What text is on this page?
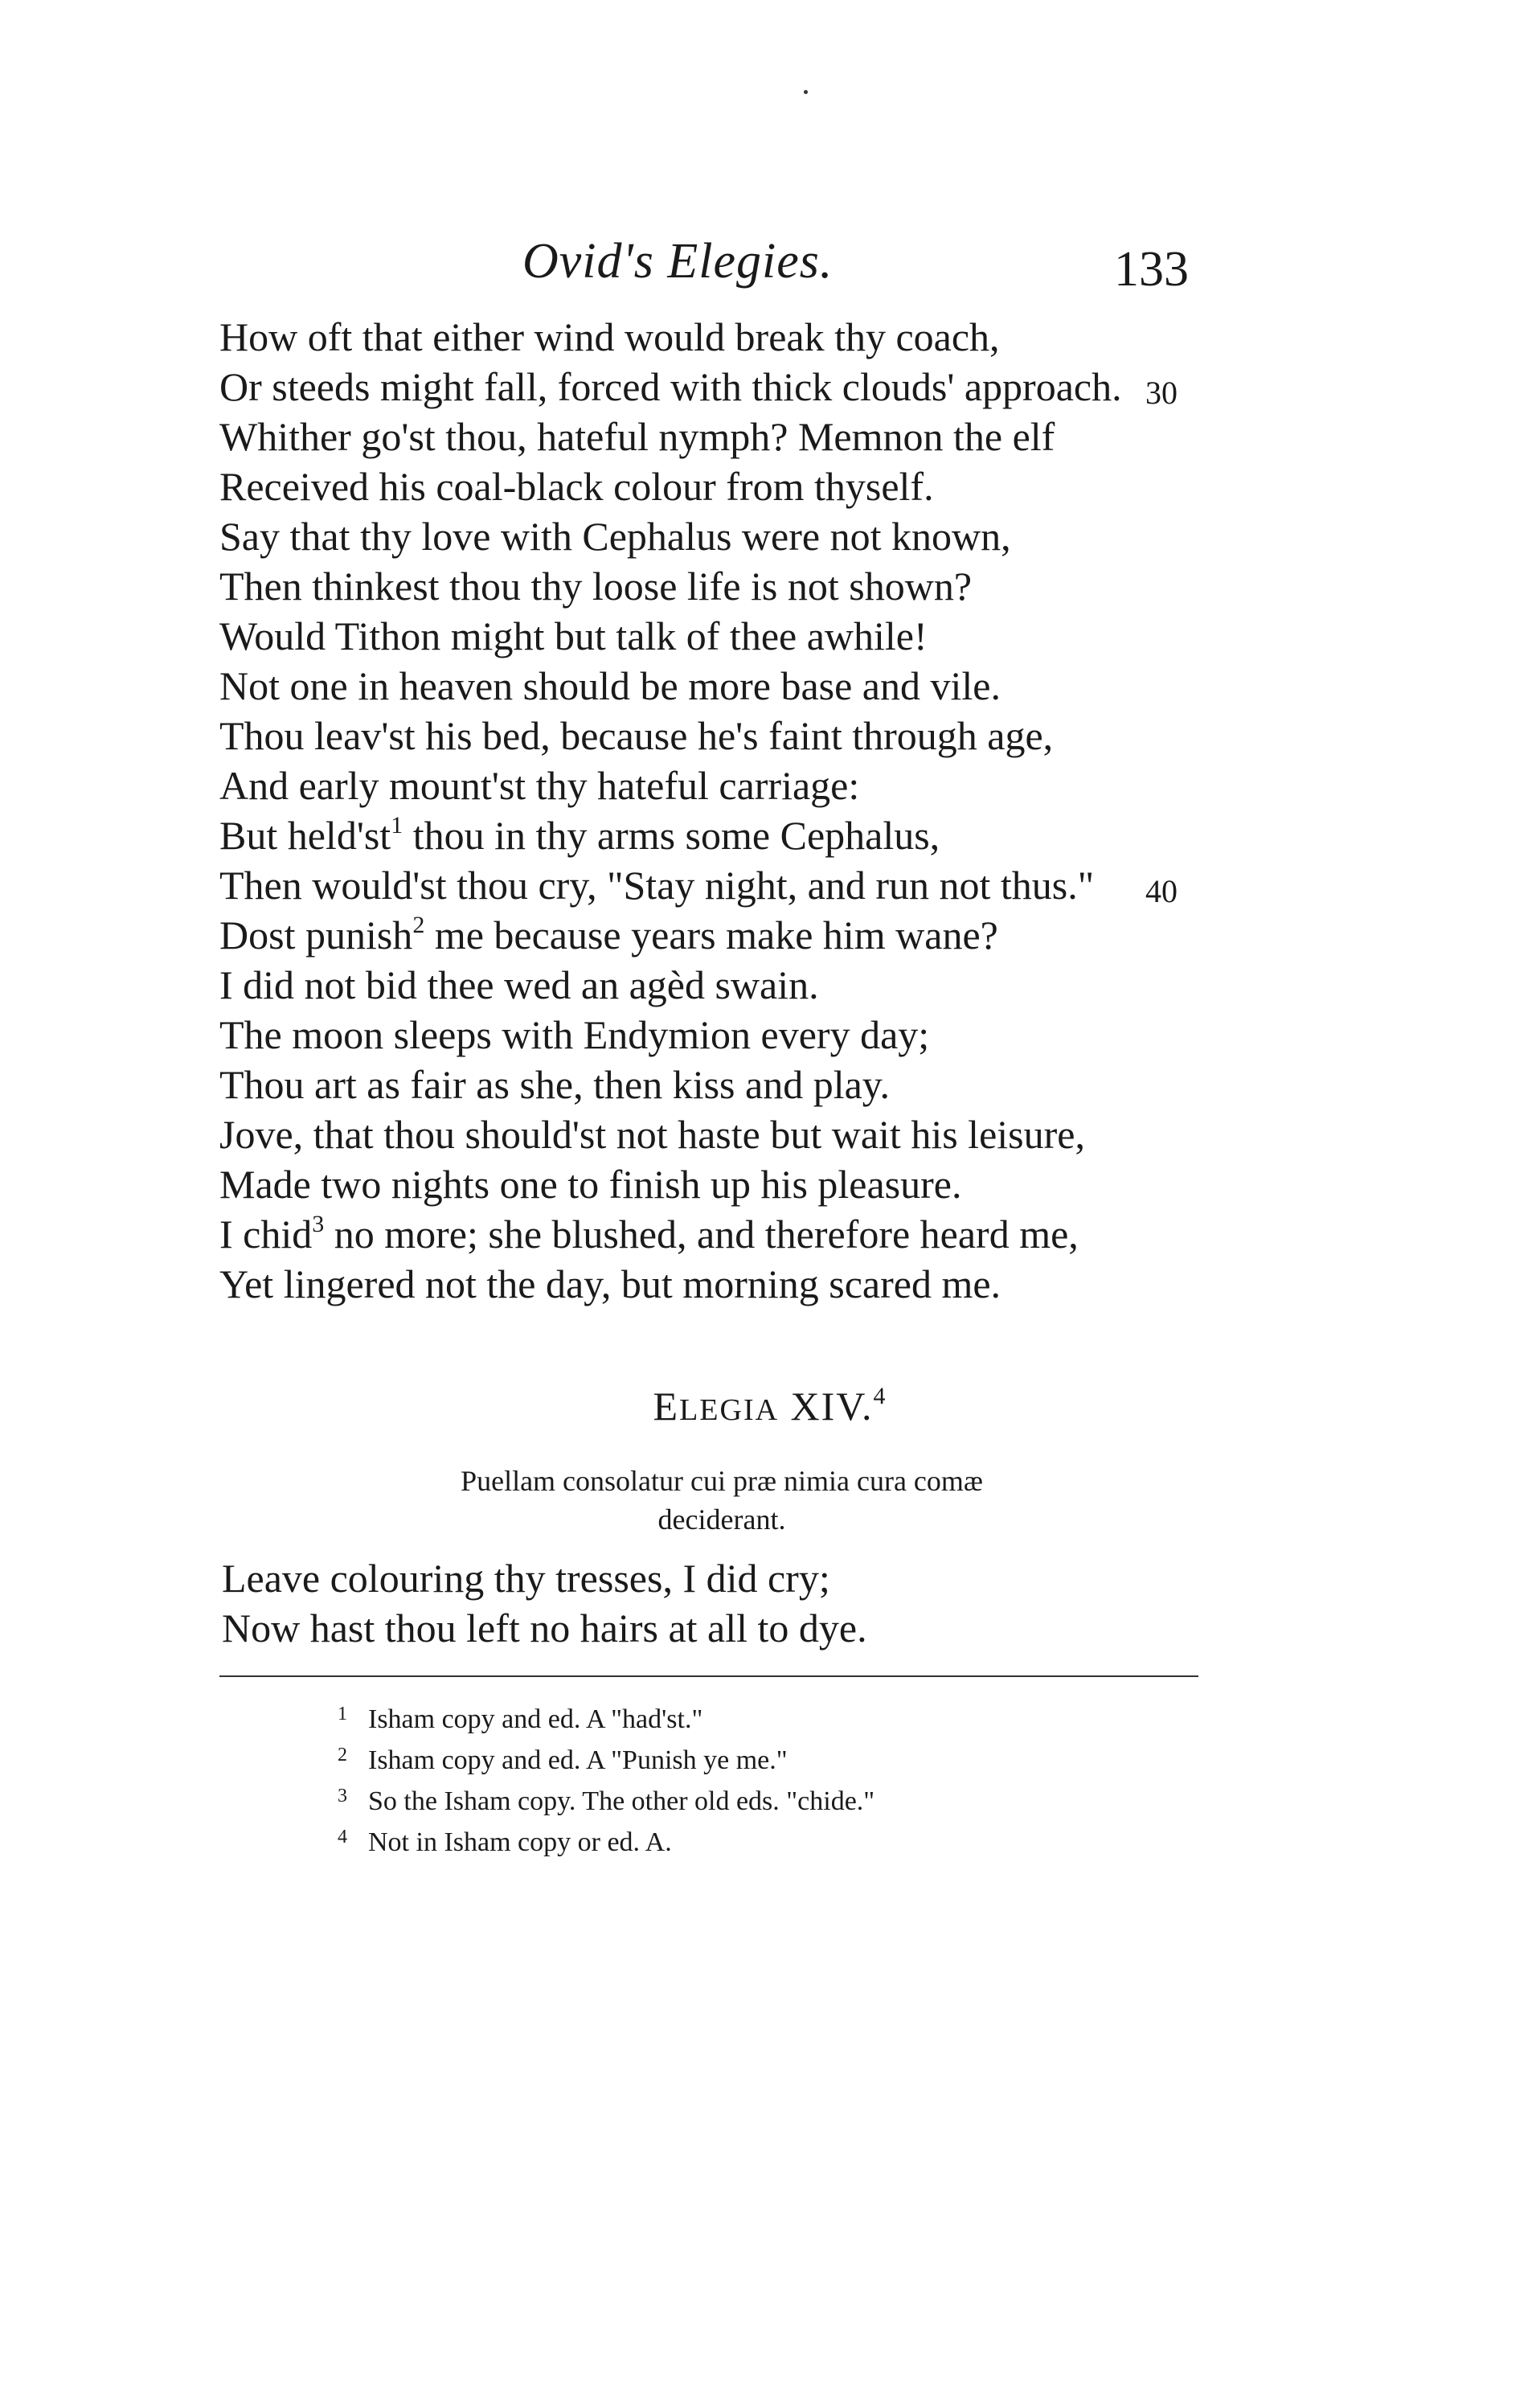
Ovid's Elegies.	133
How oft that either wind would break thy coach,
Or steeds might fall, forced with thick clouds' approach. 30
Whither go'st thou, hateful nymph? Memnon the elf
Received his coal-black colour from thyself.
Say that thy love with Cephalus were not known,
Then thinkest thou thy loose life is not shown?
Would Tithon might but talk of thee awhile!
Not one in heaven should be more base and vile.
Thou leav'st his bed, because he's faint through age,
And early mount'st thy hateful carriage:
But $held'st^1$ thou in thy arms some Cephalus,
Then would'st thou cry, "Stay night, and run not thus." 40
Dost punish$^2$ me because years make him wane?
I did not bid thee wed an agèd swain.
The moon sleeps with Endymion every day;
Thou art as fair as she, then kiss and play.
Jove, that thou should'st not haste but wait his leisure,
Made two nights one to finish up his pleasure.
I chid$^3$ no more; she blushed, and therefore heard me,
Yet lingered not the day, but morning scared me.
ELEGIA XIV.$^4$
Puellam consolatur cui præ nimia cura comæ
deciderant.
Leave colouring thy tresses, I did cry;
Now hast thou left no hairs at all to dye.
1 Isham copy and ed. A "had'st."
2 Isham copy and ed. A "Punish ye me."
3 So the Isham copy. The other old eds. "chide."
4 Not in Isham copy or ed. A.
